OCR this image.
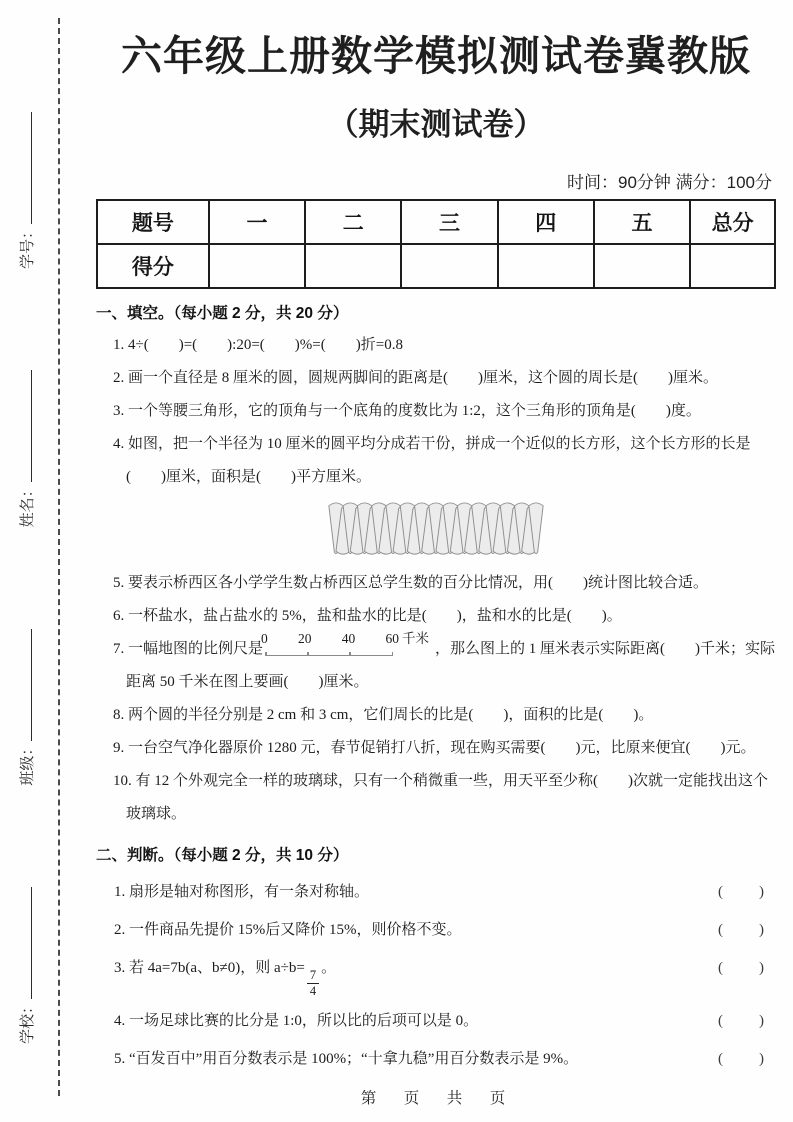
学校：
班级：
姓名：
学号：
六年级上册数学模拟测试卷冀教版
（期末测试卷）
时间：90分钟 满分：100分
题号	一	二	三	四	五	总分
得分						
一、填空。（每小题 2 分，共 20 分）

1. 4÷(　　)=(　　):20=(　　)%=(　　)折=0.8

2. 画一个直径是 8 厘米的圆，圆规两脚间的距离是(　　)厘米，这个圆的周长是(　　)厘米。

3. 一个等腰三角形，它的顶角与一个底角的度数比为 1:2，这个三角形的顶角是(　　)度。

4. 如图，把一个半径为 10 厘米的圆平均分成若干份，拼成一个近似的长方形，这个长方形的长是(　　)厘米，面积是(　　)平方厘米。

5. 要表示桥西区各小学学生数占桥西区总学生数的百分比情况，用(　　)统计图比较合适。

6. 一杯盐水，盐占盐水的 5%，盐和盐水的比是(　　)，盐和水的比是(　　)。

7. 一幅地图的比例尺是
0 20 40 60 千米
，那么图上的 1 厘米表示实际距离(　　)千米；实际距离 50 千米在图上要画(　　)厘米。

8. 两个圆的半径分别是 2 cm 和 3 cm，它们周长的比是(　　)，面积的比是(　　)。

9. 一台空气净化器原价 1280 元，春节促销打八折，现在购买需要(　　)元，比原来便宜(　　)元。

10. 有 12 个外观完全一样的玻璃球，只有一个稍微重一些，用天平至少称(　　)次就一定能找出这个玻璃球。

二、判断。（每小题 2 分，共 10 分）
1. 扇形是轴对称图形，有一条对称轴。	(　　)
2. 一件商品先提价 15%后又降价 15%，则价格不变。	(　　)
3. 若 4a=7b(a、b≠0)，则 a÷b=
$\frac{7}{4}$
。	(　　)
4. 一场足球比赛的比分是 1:0，所以比的后项可以是 0。	(　　)
5. “百发百中”用百分数表示是 100%；“十拿九稳”用百分数表示是 9%。	(　　)
第　页　共　页
